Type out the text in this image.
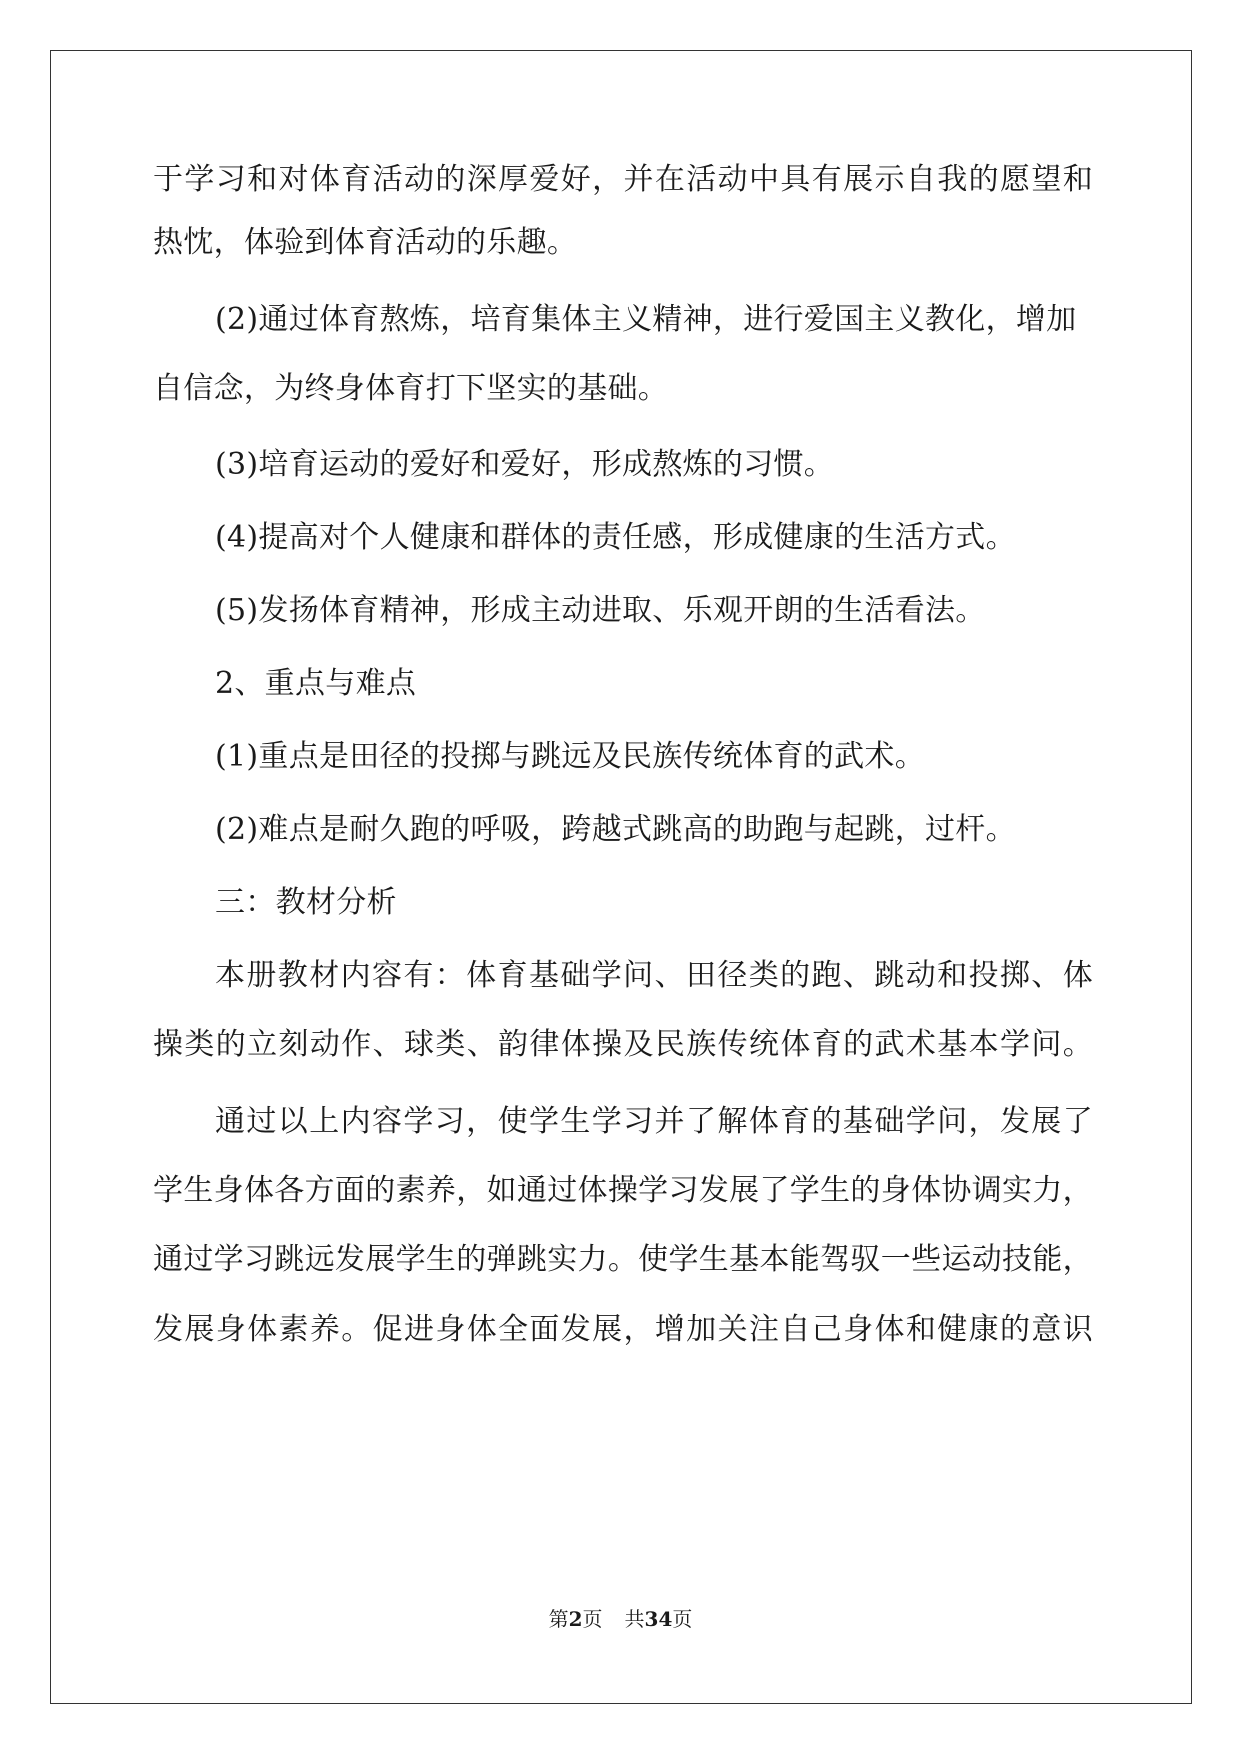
于学习和对体育活动的深厚爱好，并在活动中具有展示自我的愿望和
热忱，体验到体育活动的乐趣。
(2)通过体育熬炼，培育集体主义精神，进行爱国主义教化，增加
自信念，为终身体育打下坚实的基础。
(3)培育运动的爱好和爱好，形成熬炼的习惯。
(4)提高对个人健康和群体的责任感，形成健康的生活方式。
(5)发扬体育精神，形成主动进取、乐观开朗的生活看法。
2、重点与难点
(1)重点是田径的投掷与跳远及民族传统体育的武术。
(2)难点是耐久跑的呼吸，跨越式跳高的助跑与起跳，过杆。
三：教材分析
本册教材内容有：体育基础学问、田径类的跑、跳动和投掷、体
操类的立刻动作、球类、韵律体操及民族传统体育的武术基本学问。
通过以上内容学习，使学生学习并了解体育的基础学问，发展了
学生身体各方面的素养，如通过体操学习发展了学生的身体协调实力，
通过学习跳远发展学生的弹跳实力。使学生基本能驾驭一些运动技能，
发展身体素养。促进身体全面发展，增加关注自己身体和健康的意识
第2页 共34页
